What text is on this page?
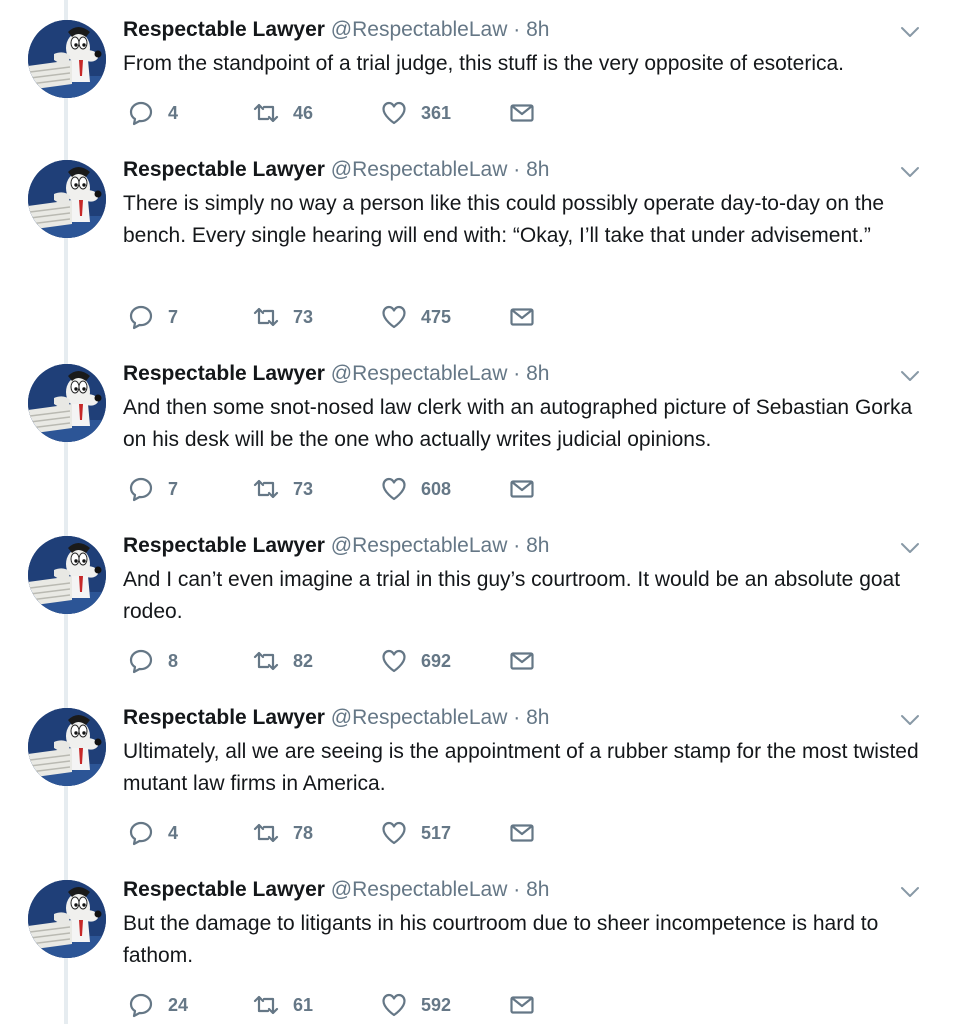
Respectable Lawyer @RespectableLaw · 8h
From the standpoint of a trial judge, this stuff is the very opposite of esoterica.
4	46	361
Respectable Lawyer @RespectableLaw · 8h
There is simply no way a person like this could possibly operate day-to-day on the bench. Every single hearing will end with: “Okay, I’ll take that under advisement.”
7	73	475
Respectable Lawyer @RespectableLaw · 8h
And then some snot-nosed law clerk with an autographed picture of Sebastian Gorka on his desk will be the one who actually writes judicial opinions.
7	73	608
Respectable Lawyer @RespectableLaw · 8h
And I can’t even imagine a trial in this guy’s courtroom. It would be an absolute goat rodeo.
8	82	692
Respectable Lawyer @RespectableLaw · 8h
Ultimately, all we are seeing is the appointment of a rubber stamp for the most twisted mutant law firms in America.
4	78	517
Respectable Lawyer @RespectableLaw · 8h
But the damage to litigants in his courtroom due to sheer incompetence is hard to fathom.
24	61	592
